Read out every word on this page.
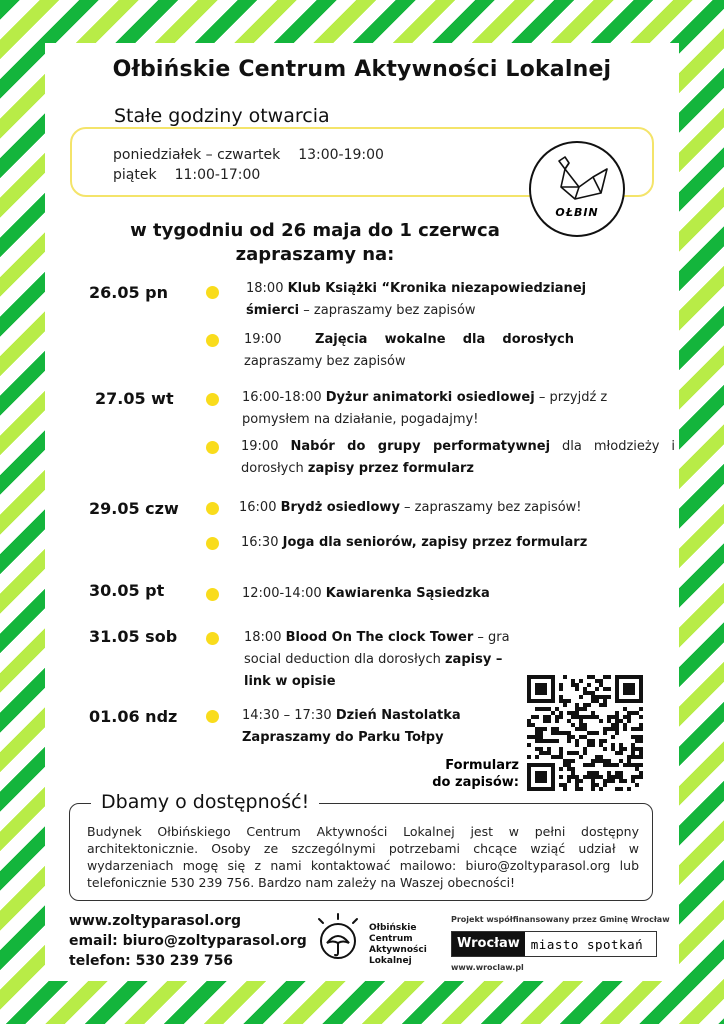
Ołbińskie Centrum Aktywności Lokalnej
Stałe godziny otwarcia
poniedziałek – czwartek 13:00-19:00
piątek 11:00-17:00
OŁBIN
w tygodniu od 26 maja do 1 czerwca
zapraszamy na:
26.05 pn
27.05 wt
29.05 czw
30.05 pt
31.05 sob
01.06 ndz
18:00 Klub Książki “Kronika niezapowiedzianej śmierci – zapraszamy bez zapisów
19:00	Zajęcia wokalne dla dorosłych
zapraszamy bez zapisów
16:00-18:00 Dyżur animatorki osiedlowej – przyjdź z pomysłem na działanie, pogadajmy!
19:00 Nabór do grupy performatywnej dla młodzieży i dorosłych zapisy przez formularz
16:00 Brydż osiedlowy – zapraszamy bez zapisów!
16:30 Joga dla seniorów, zapisy przez formularz
12:00-14:00 Kawiarenka Sąsiedzka
18:00 Blood On The clock Tower – gra social deduction dla dorosłych zapisy – link w opisie
14:30 – 17:30 Dzień Nastolatka
Zapraszamy do Parku Tołpy
Formularz
do zapisów:
Dbamy o dostępność!
Budynek Ołbińskiego Centrum Aktywności Lokalnej jest w pełni dostępny architektonicznie. Osoby ze szczególnymi potrzebami chcące wziąć udział w wydarzeniach mogę się z nami kontaktować mailowo: biuro@zoltyparasol.org lub telefonicznie 530 239 756. Bardzo nam zależy na Waszej obecności!
www.zoltyparasol.org
email: biuro@zoltyparasol.org
telefon: 530 239 756
Ołbińskie
Centrum
Aktywności
Lokalnej
Projekt współfinansowany przez Gminę Wrocław
Wrocław miasto spotkań
www.wroclaw.pl
